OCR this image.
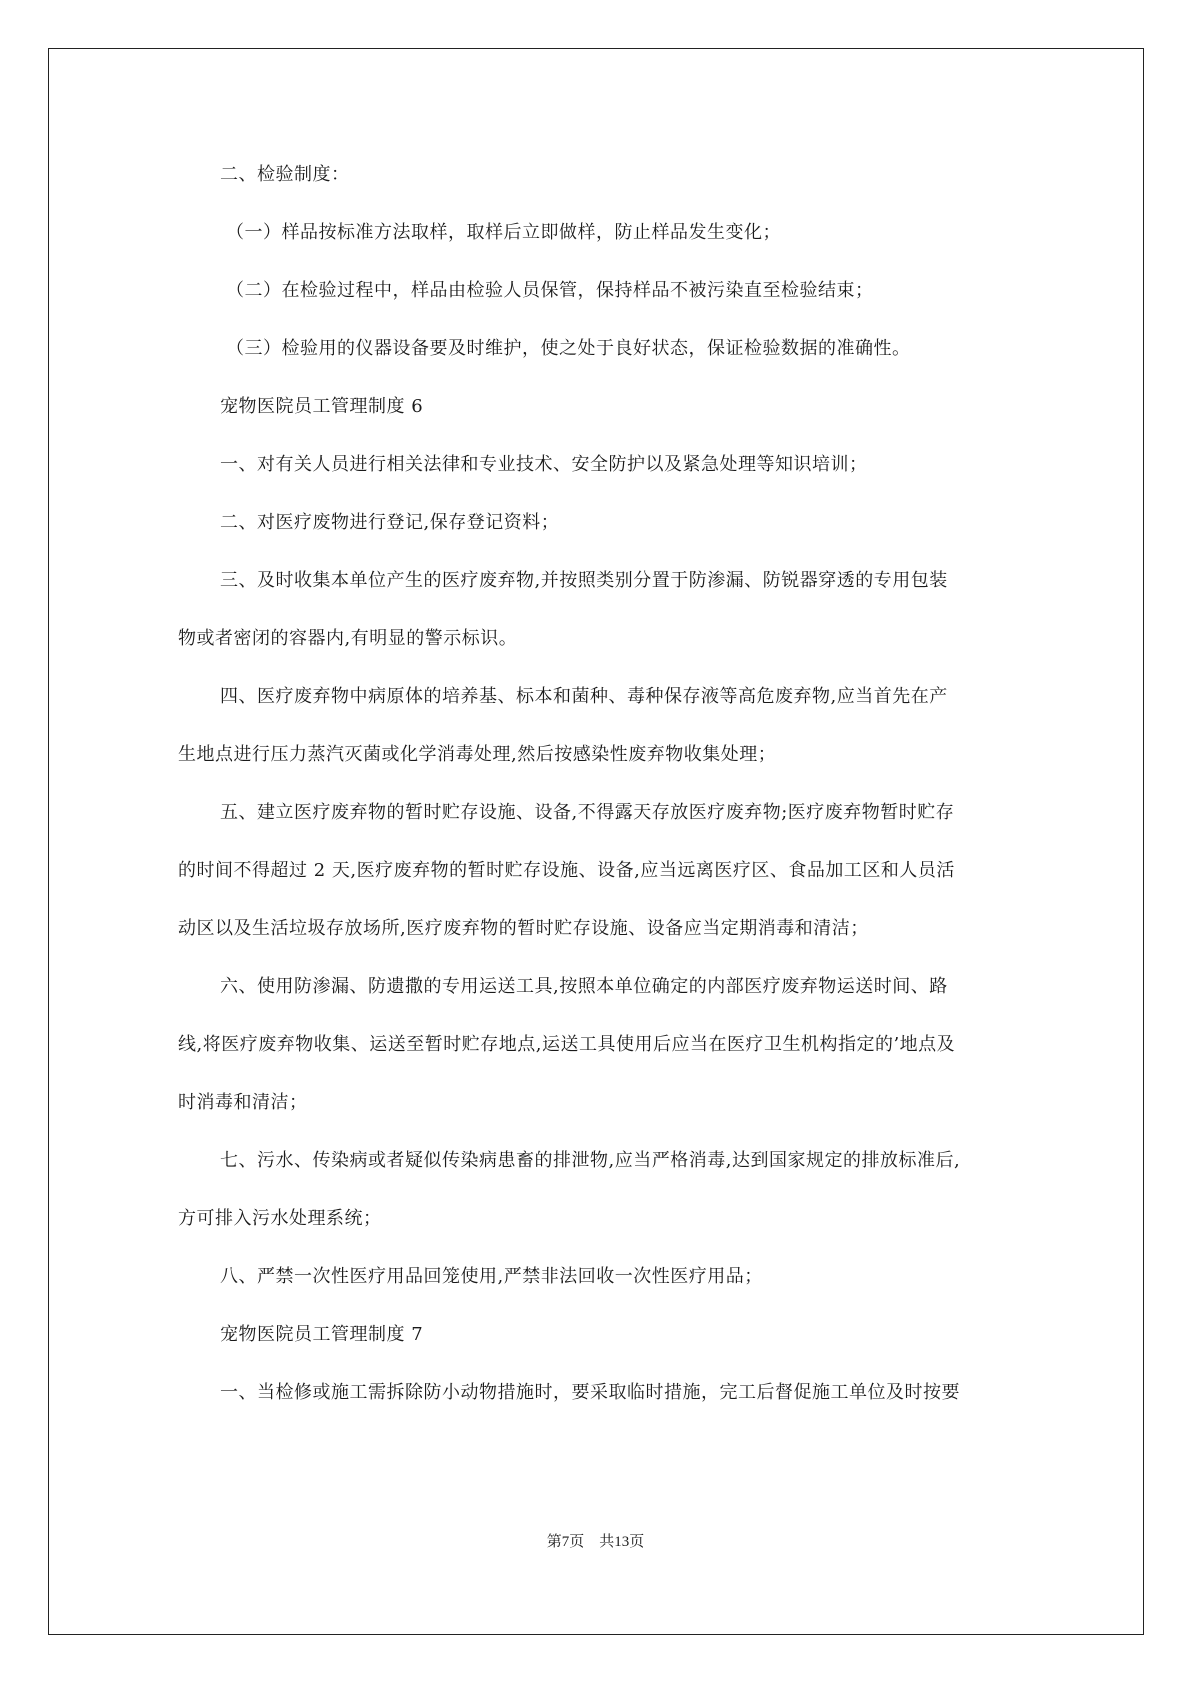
二、检验制度：
（一）样品按标准方法取样，取样后立即做样，防止样品发生变化；
（二）在检验过程中，样品由检验人员保管，保持样品不被污染直至检验结束；
（三）检验用的仪器设备要及时维护，使之处于良好状态，保证检验数据的准确性。
宠物医院员工管理制度 6
一、对有关人员进行相关法律和专业技术、安全防护以及紧急处理等知识培训；
二、对医疗废物进行登记,保存登记资料；
三、及时收集本单位产生的医疗废弃物,并按照类别分置于防渗漏、防锐器穿透的专用包装
物或者密闭的容器内,有明显的警示标识。
四、医疗废弃物中病原体的培养基、标本和菌种、毒种保存液等高危废弃物,应当首先在产
生地点进行压力蒸汽灭菌或化学消毒处理,然后按感染性废弃物收集处理；
五、建立医疗废弃物的暂时贮存设施、设备,不得露天存放医疗废弃物;医疗废弃物暂时贮存
的时间不得超过 2 天,医疗废弃物的暂时贮存设施、设备,应当远离医疗区、食品加工区和人员活
动区以及生活垃圾存放场所,医疗废弃物的暂时贮存设施、设备应当定期消毒和清洁；
六、使用防渗漏、防遗撒的专用运送工具,按照本单位确定的内部医疗废弃物运送时间、路
线,将医疗废弃物收集、运送至暂时贮存地点,运送工具使用后应当在医疗卫生机构指定的’地点及
时消毒和清洁；
七、污水、传染病或者疑似传染病患畜的排泄物,应当严格消毒,达到国家规定的排放标准后,
方可排入污水处理系统；
八、严禁一次性医疗用品回笼使用,严禁非法回收一次性医疗用品；
宠物医院员工管理制度 7
一、当检修或施工需拆除防小动物措施时，要采取临时措施，完工后督促施工单位及时按要
第7页　共13页
